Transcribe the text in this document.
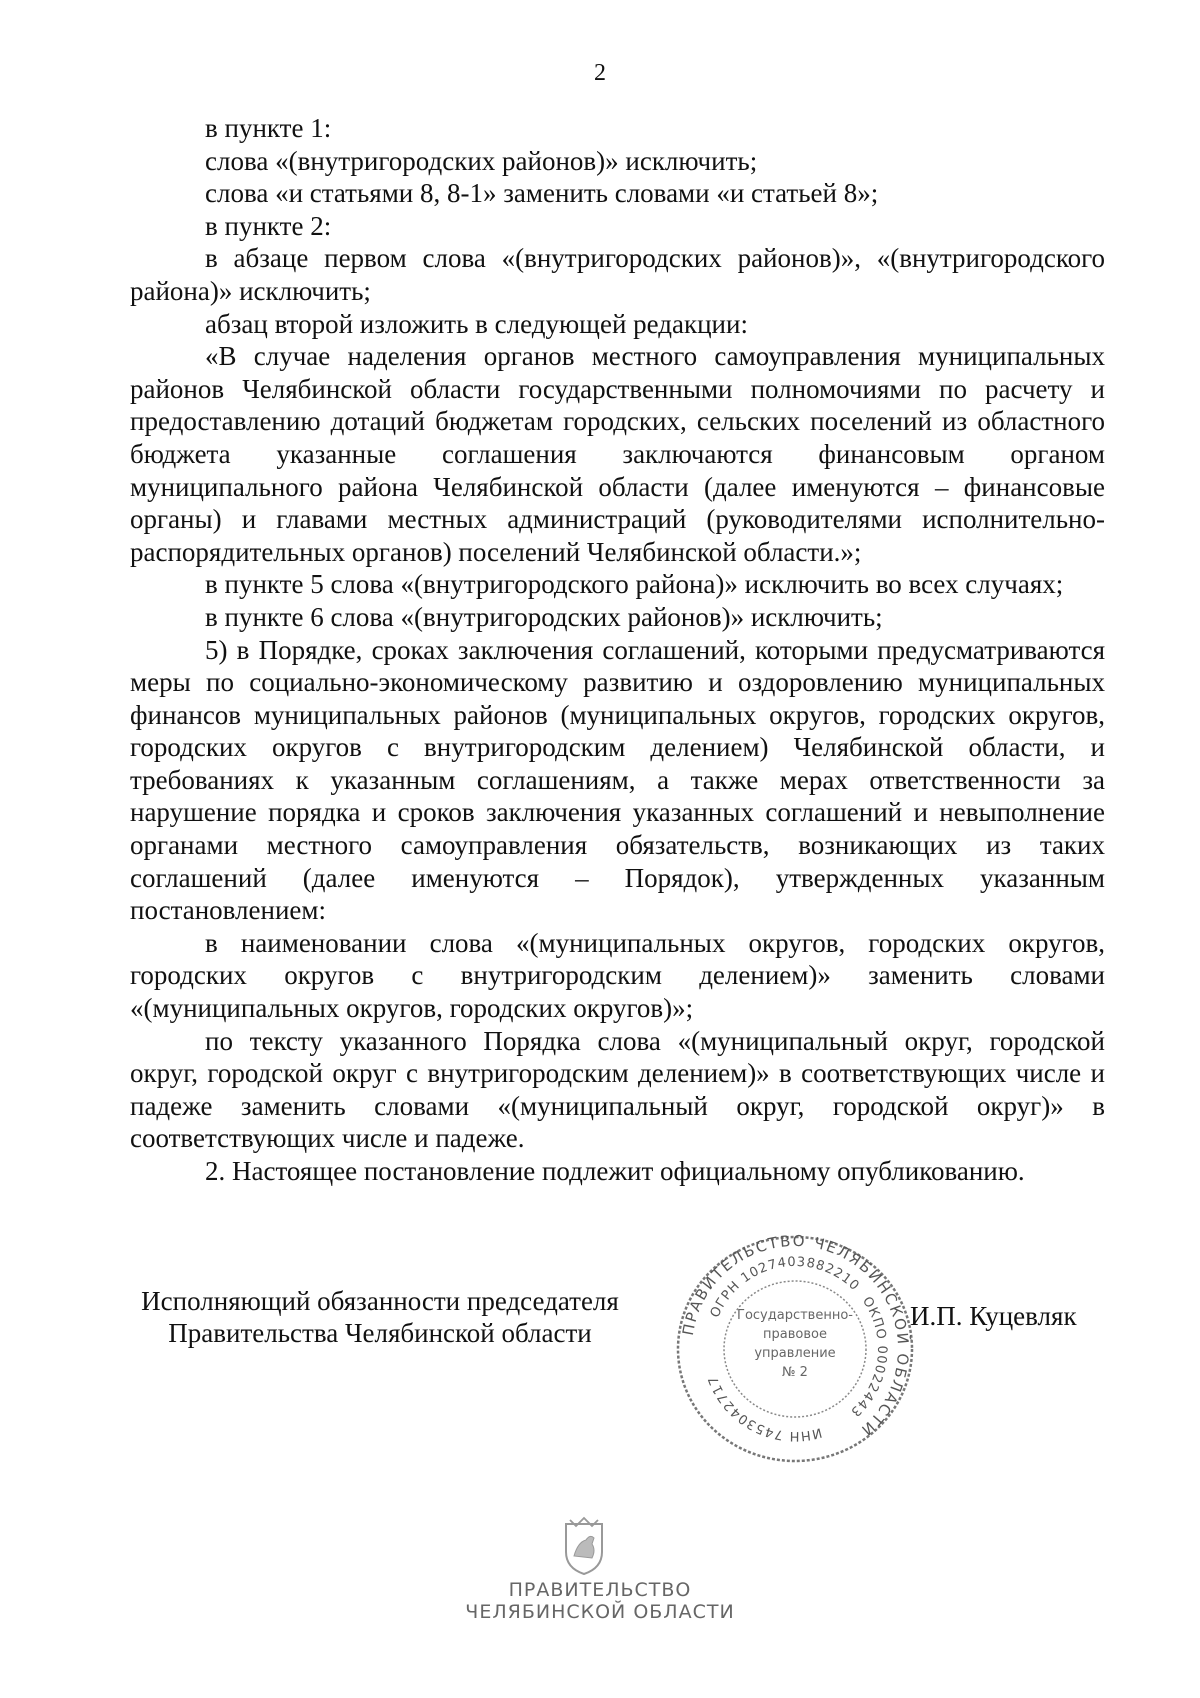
2

в пункте 1:

слова «(внутригородских районов)» исключить;

слова «и статьями 8, 8-1» заменить словами «и статьей 8»;

в пункте 2:

в абзаце первом слова «(внутригородских районов)», «(внутригородского района)» исключить;

абзац второй изложить в следующей редакции:

«В случае наделения органов местного самоуправления муниципальных районов Челябинской области государственными полномочиями по расчету и предоставлению дотаций бюджетам городских, сельских поселений из областного бюджета указанные соглашения заключаются финансовым органом муниципального района Челябинской области (далее именуются – финансовые органы) и главами местных администраций (руководителями исполнительно-распорядительных органов) поселений Челябинской области.»;

в пункте 5 слова «(внутригородского района)» исключить во всех случаях;

в пункте 6 слова «(внутригородских районов)» исключить;

5) в Порядке, сроках заключения соглашений, которыми предусматриваются меры по социально-экономическому развитию и оздоровлению муниципальных финансов муниципальных районов (муниципальных округов, городских округов, городских округов с внутригородским делением) Челябинской области, и требованиях к указанным соглашениям, а также мерах ответственности за нарушение порядка и сроков заключения указанных соглашений и невыполнение органами местного самоуправления обязательств, возникающих из таких соглашений (далее именуются – Порядок), утвержденных указанным постановлением:

в наименовании слова «(муниципальных округов, городских округов, городских округов с внутригородским делением)» заменить словами «(муниципальных округов, городских округов)»;

по тексту указанного Порядка слова «(муниципальный округ, городской округ, городской округ с внутригородским делением)» в соответствующих числе и падеже заменить словами «(муниципальный округ, городской округ)» в соответствующих числе и падеже.

2. Настоящее постановление подлежит официальному опубликованию.

Исполняющий обязанности председателя
Правительства Челябинской области
И.П. Куцевляк
ПРАВИТЕЛЬСТВО ЧЕЛЯБИНСКОЙ ОБЛАСТИ
ОГРН 1027403882210
ОКПО 00022443
ИНН 7453042717
Государственно-
правовое
управление
№ 2
ПРАВИТЕЛЬСТВО
ЧЕЛЯБИНСКОЙ ОБЛАСТИ
